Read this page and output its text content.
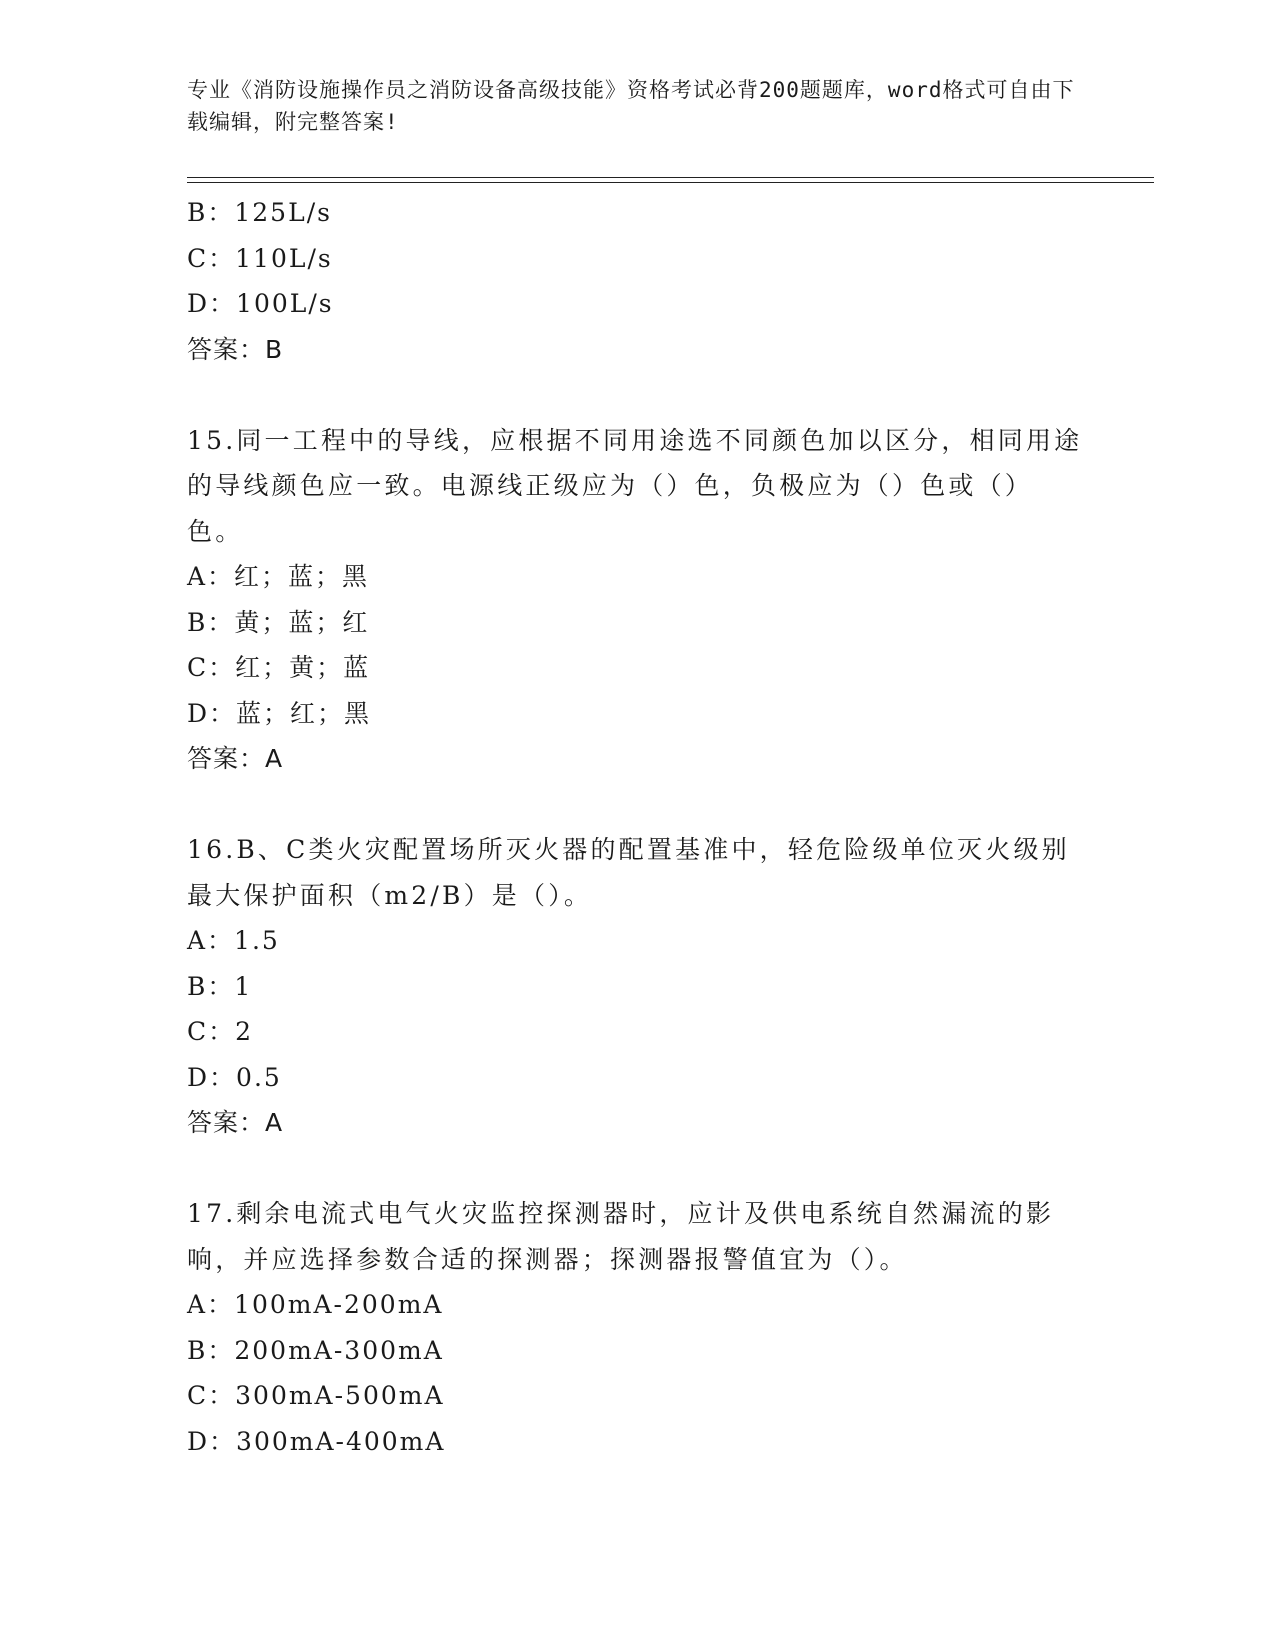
专业《消防设施操作员之消防设备高级技能》资格考试必背200题题库，word格式可自由下载编辑，附完整答案!
B：125L/s
C：110L/s
D：100L/s
答案：B
15.同一工程中的导线，应根据不同用途选不同颜色加以区分，相同用途的导线颜色应一致。电源线正级应为（）色，负极应为（）色或（）色。
A：红；蓝；黑
B：黄；蓝；红
C：红；黄；蓝
D：蓝；红；黑
答案：A
16.B、C类火灾配置场所灭火器的配置基准中，轻危险级单位灭火级别最大保护面积（m2/B）是（）。
A：1.5
B：1
C：2
D：0.5
答案：A
17.剩余电流式电气火灾监控探测器时，应计及供电系统自然漏流的影响，并应选择参数合适的探测器；探测器报警值宜为（）。
A：100mA-200mA
B：200mA-300mA
C：300mA-500mA
D：300mA-400mA
